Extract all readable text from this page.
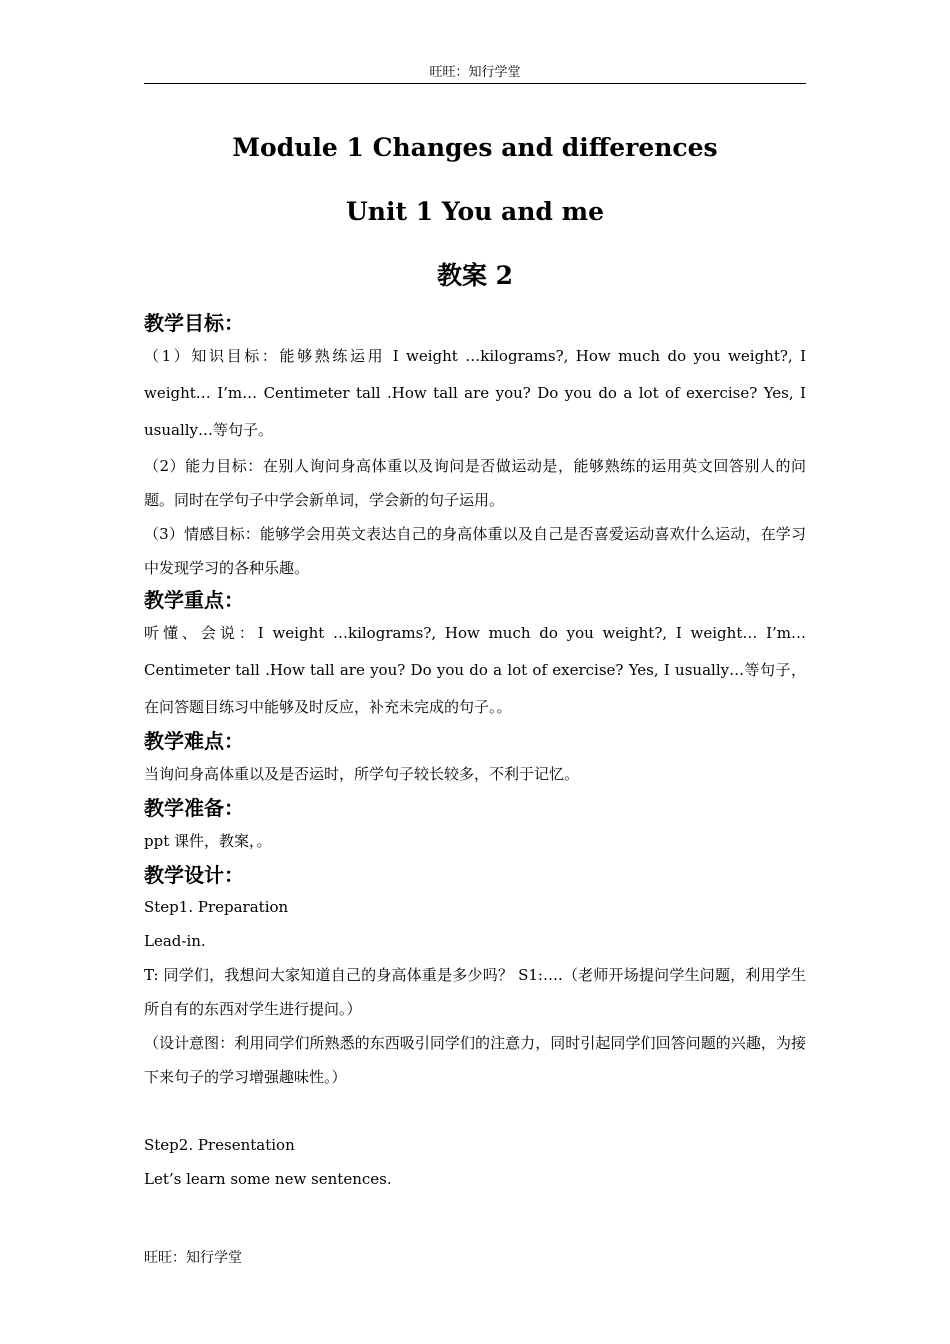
旺旺：知行学堂
Module 1 Changes and differences
Unit 1 You and me
教案 2
教学目标：

（1）知识目标：能够熟练运用 I weight …kilograms?, How much do you weight?, I weight… I’m… Centimeter tall .How tall are you? Do you do a lot of exercise? Yes, I usually…等句子。

（2）能力目标：在别人询问身高体重以及询问是否做运动是，能够熟练的运用英文回答别人的问题。同时在学句子中学会新单词，学会新的句子运用。

（3）情感目标：能够学会用英文表达自己的身高体重以及自己是否喜爱运动喜欢什么运动，在学习中发现学习的各种乐趣。

教学重点：

听懂、会说：I weight …kilograms?, How much do you weight?, I weight… I’m… Centimeter tall .How tall are you? Do you do a lot of exercise? Yes, I usually…等句子，在问答题目练习中能够及时反应，补充未完成的句子。。

教学难点：

当询问身高体重以及是否运时，所学句子较长较多，不利于记忆。

教学准备：

ppt 课件，教案，。

教学设计：

Step1. Preparation

Lead-in.

T: 同学们，我想问大家知道自己的身高体重是多少吗？ S1:….（老师开场提问学生问题，利用学生所自有的东西对学生进行提问。）

（设计意图：利用同学们所熟悉的东西吸引同学们的注意力，同时引起同学们回答问题的兴趣，为接下来句子的学习增强趣味性。）

Step2. Presentation

Let’s learn some new sentences.

旺旺：知行学堂
